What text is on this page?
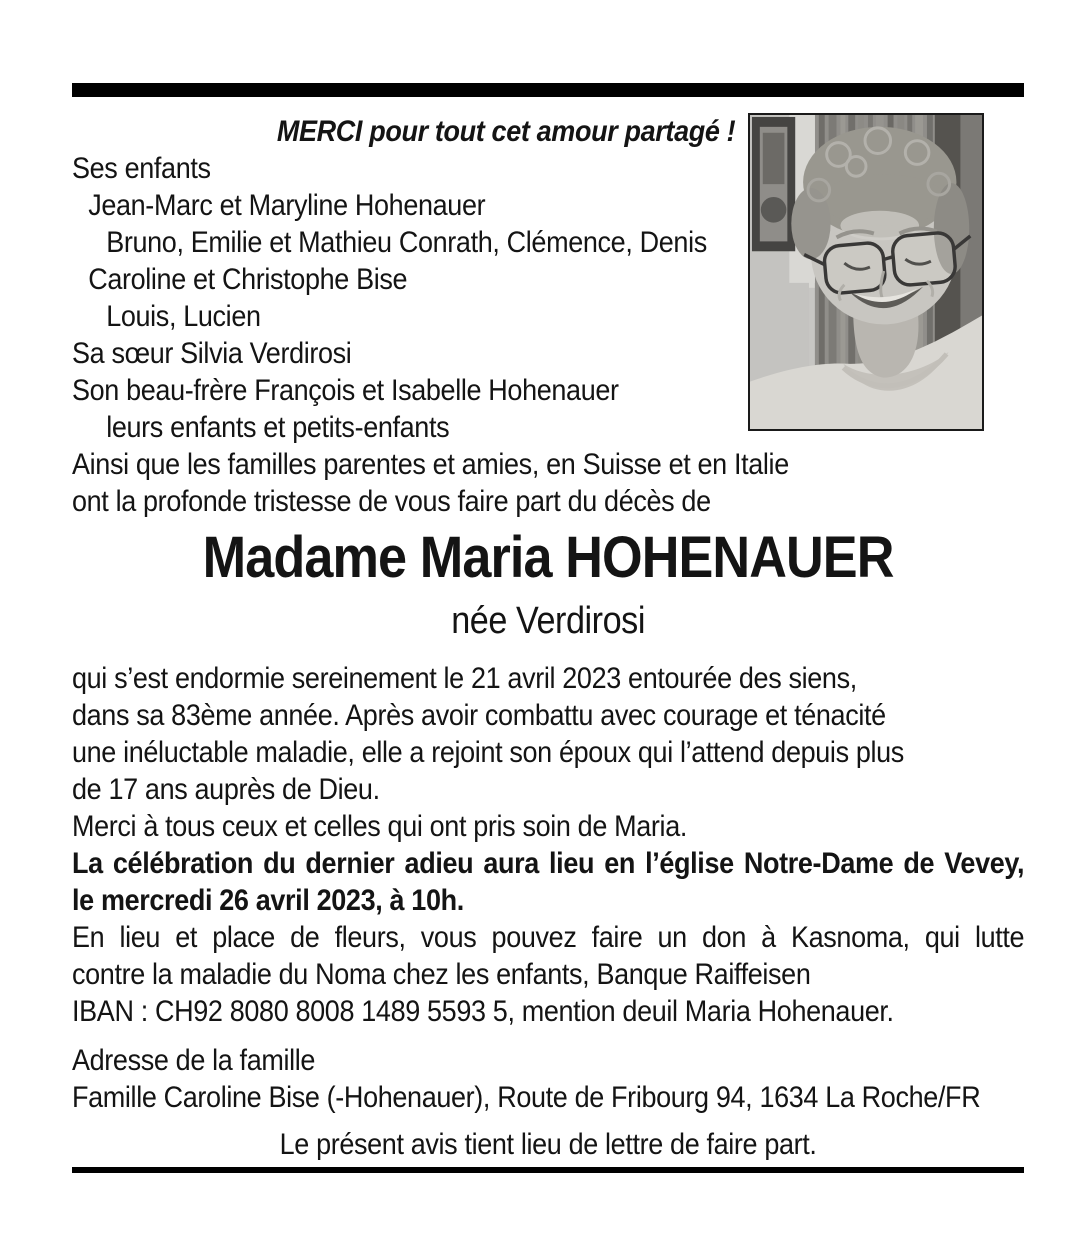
MERCI pour tout cet amour partagé !
Ses enfants
Jean-Marc et Maryline Hohenauer
Bruno, Emilie et Mathieu Conrath, Clémence, Denis
Caroline et Christophe Bise
Louis, Lucien
Sa sœur Silvia Verdirosi
Son beau-frère François et Isabelle Hohenauer
leurs enfants et petits-enfants
Ainsi que les familles parentes et amies, en Suisse et en Italie
ont la profonde tristesse de vous faire part du décès de
Madame Maria HOHENAUER
née Verdirosi
qui s’est endormie sereinement le 21 avril 2023 entourée des siens,
dans sa 83ème année. Après avoir combattu avec courage et ténacité
une inéluctable maladie, elle a rejoint son époux qui l’attend depuis plus
de 17 ans auprès de Dieu.
Merci à tous ceux et celles qui ont pris soin de Maria.
La célébration du dernier adieu aura lieu en l’église Notre-Dame de Vevey,
le mercredi 26 avril 2023, à 10h.
En lieu et place de fleurs, vous pouvez faire un don à Kasnoma, qui lutte
contre la maladie du Noma chez les enfants, Banque Raiffeisen
IBAN : CH92 8080 8008 1489 5593 5, mention deuil Maria Hohenauer.
Adresse de la famille
Famille Caroline Bise (-Hohenauer), Route de Fribourg 94, 1634 La Roche/FR
Le présent avis tient lieu de lettre de faire part.
